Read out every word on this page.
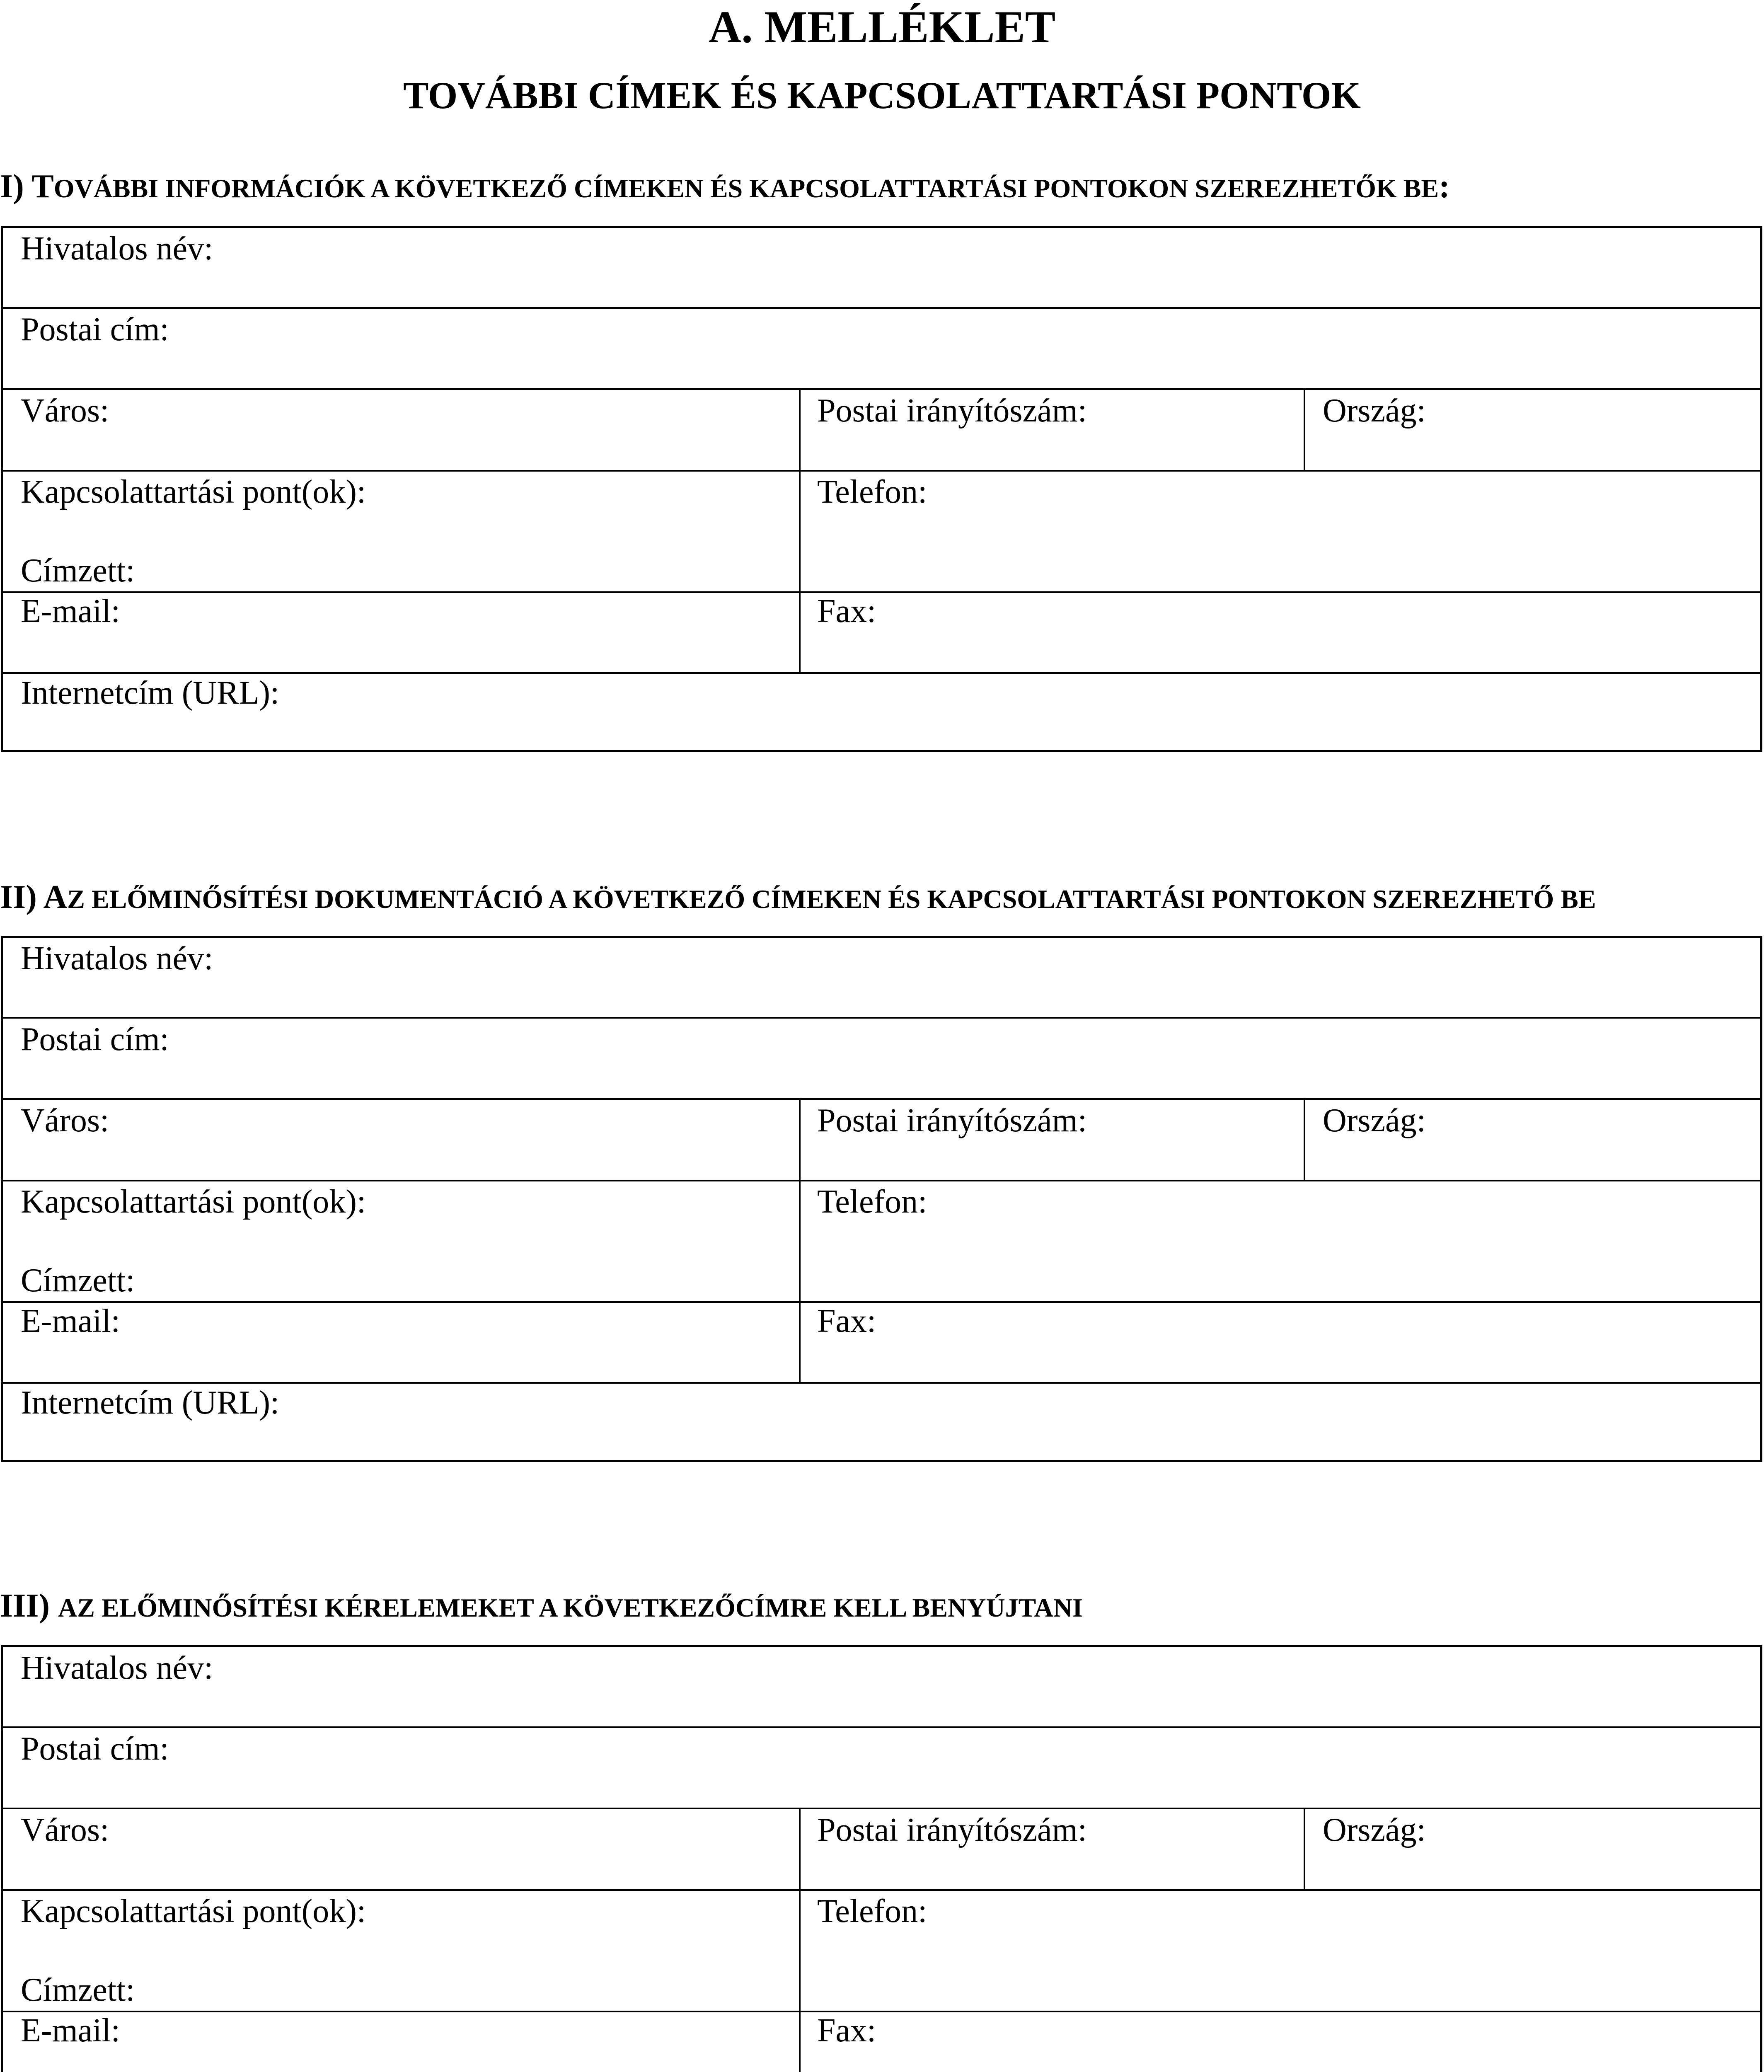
A. MELLÉKLET
TOVÁBBI CÍMEK ÉS KAPCSOLATTARTÁSI PONTOK
I) TOVÁBBI INFORMÁCIÓK A KÖVETKEZŐ CÍMEKEN ÉS KAPCSOLATTARTÁSI PONTOKON SZEREZHETŐK BE:
Hivatalos név:
Postai cím:
Város:	Postai irányítószám:	Ország:
Kapcsolattartási pont(ok):	Telefon:
Címzett:
E-mail:	Fax:
Internetcím (URL):
II) AZ ELŐMINŐSÍTÉSI DOKUMENTÁCIÓ A KÖVETKEZŐ CÍMEKEN ÉS KAPCSOLATTARTÁSI PONTOKON SZEREZHETŐ BE
Hivatalos név:
Postai cím:
Város:	Postai irányítószám:	Ország:
Kapcsolattartási pont(ok):	Telefon:
Címzett:
E-mail:	Fax:
Internetcím (URL):
III) AZ ELŐMINŐSÍTÉSI KÉRELEMEKET A KÖVETKEZŐCÍMRE KELL BENYÚJTANI
Hivatalos név:
Postai cím:
Város:	Postai irányítószám:	Ország:
Kapcsolattartási pont(ok):	Telefon:
Címzett:
E-mail:	Fax:
